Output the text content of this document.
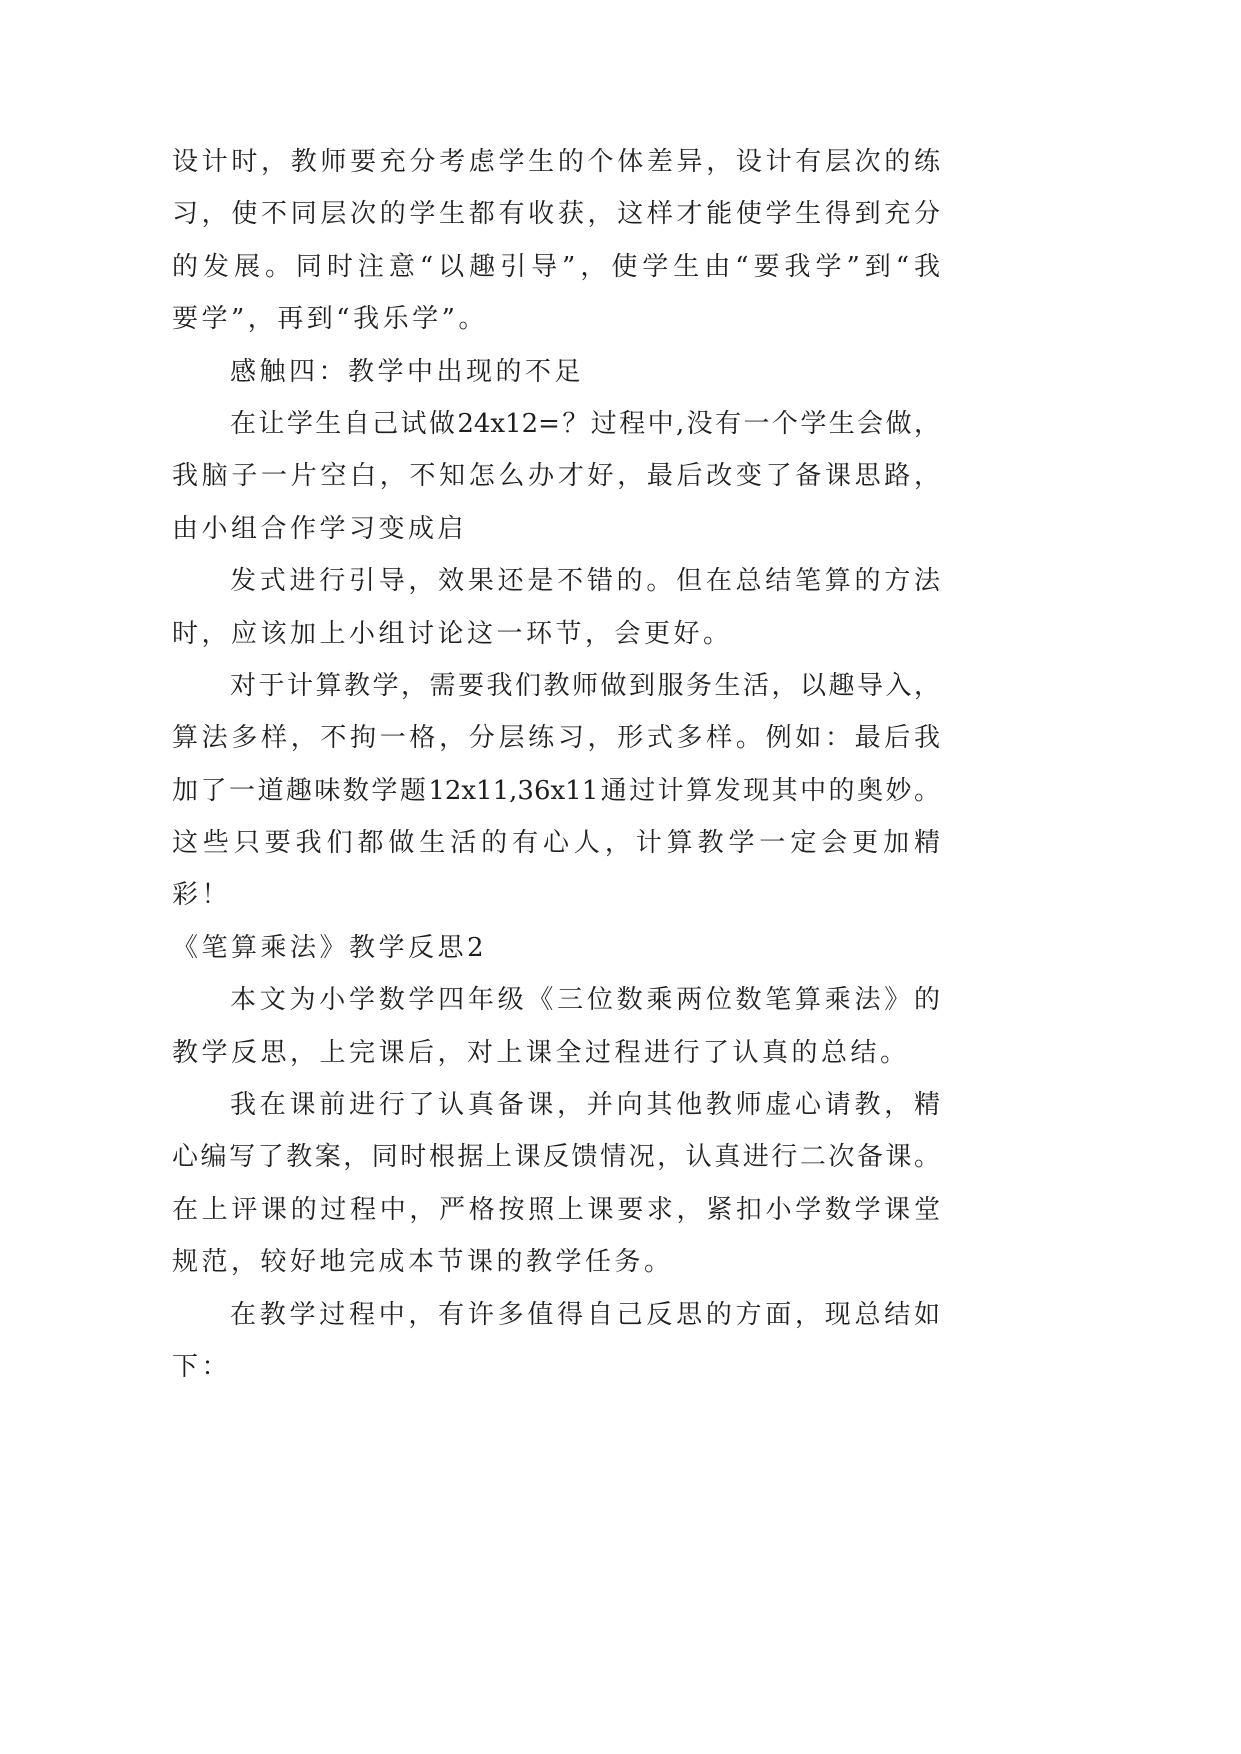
设计时，教师要充分考虑学生的个体差异，设计有层次的练
习，使不同层次的学生都有收获，这样才能使学生得到充分
的发展。同时注意“以趣引导”，使学生由“要我学”到“我
要学”，再到“我乐学”。
感触四：教学中出现的不足
在让学生自己试做24x12=？过程中,没有一个学生会做，
我脑子一片空白，不知怎么办才好，最后改变了备课思路，
由小组合作学习变成启
发式进行引导，效果还是不错的。但在总结笔算的方法
时，应该加上小组讨论这一环节，会更好。
对于计算教学，需要我们教师做到服务生活，以趣导入，
算法多样，不拘一格，分层练习，形式多样。例如：最后我
加了一道趣味数学题12x11,36x11通过计算发现其中的奥妙。
这些只要我们都做生活的有心人，计算教学一定会更加精
彩！
《笔算乘法》教学反思2
本文为小学数学四年级《三位数乘两位数笔算乘法》的
教学反思，上完课后，对上课全过程进行了认真的总结。
我在课前进行了认真备课，并向其他教师虚心请教，精
心编写了教案，同时根据上课反馈情况，认真进行二次备课。
在上评课的过程中，严格按照上课要求，紧扣小学数学课堂
规范，较好地完成本节课的教学任务。
在教学过程中，有许多值得自己反思的方面，现总结如
下：
